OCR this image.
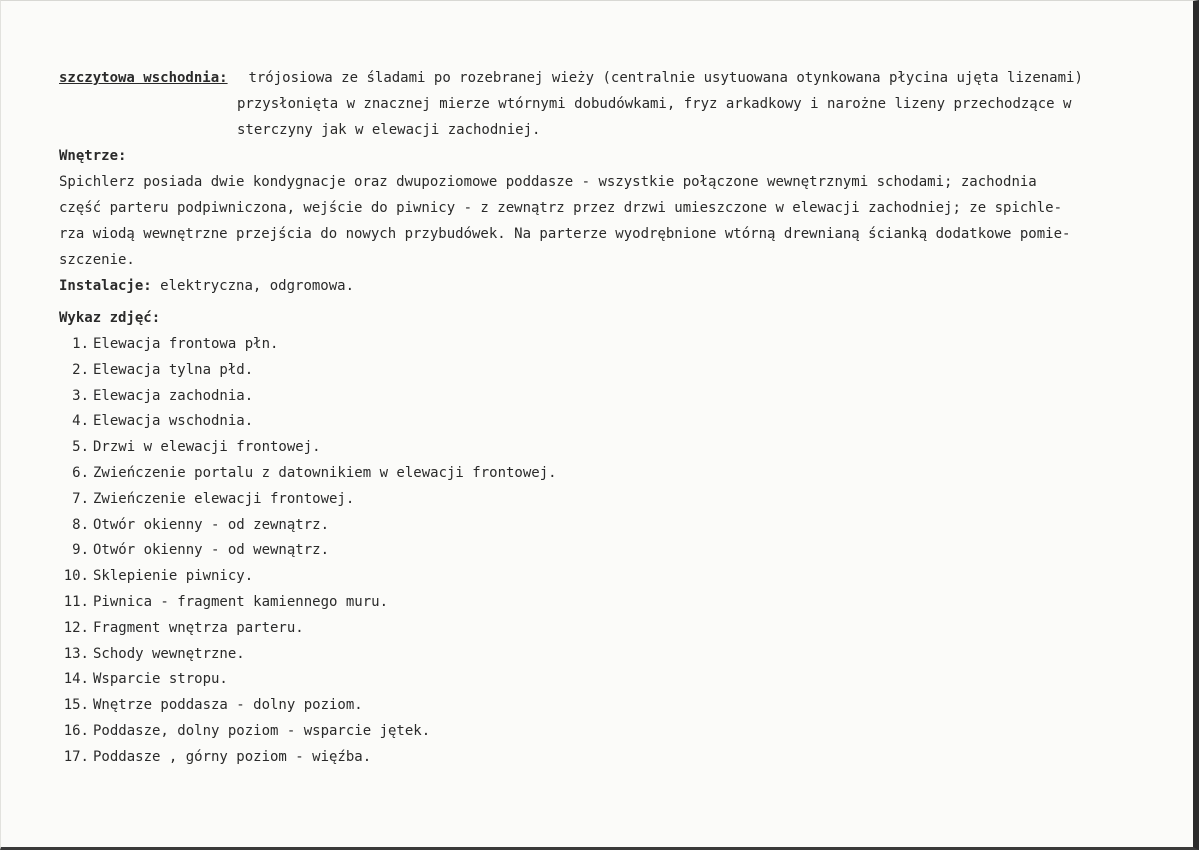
szczytowa wschodnia: trójosiowa ze śladami po rozebranej wieży (centralnie usytuowana otynkowana płycina ujęta lizenami)
przysłonięta w znacznej mierze wtórnymi dobudówkami, fryz arkadkowy i narożne lizeny przechodzące w
sterczyny jak w elewacji zachodniej.
Wnętrze:
Spichlerz posiada dwie kondygnacje oraz dwupoziomowe poddasze - wszystkie połączone wewnętrznymi schodami; zachodnia
część parteru podpiwniczona, wejście do piwnicy - z zewnątrz przez drzwi umieszczone w elewacji zachodniej; ze spichle-
rza wiodą wewnętrzne przejścia do nowych przybudówek. Na parterze wyodrębnione wtórną drewnianą ścianką dodatkowe pomie-
szczenie.
Instalacje: elektryczna, odgromowa.
Wykaz zdjęć:
1. Elewacja frontowa płn.
2. Elewacja tylna płd.
3. Elewacja zachodnia.
4. Elewacja wschodnia.
5. Drzwi w elewacji frontowej.
6. Zwieńczenie portalu z datownikiem w elewacji frontowej.
7. Zwieńczenie elewacji frontowej.
8. Otwór okienny - od zewnątrz.
9. Otwór okienny - od wewnątrz.
10. Sklepienie piwnicy.
11. Piwnica - fragment kamiennego muru.
12. Fragment wnętrza parteru.
13. Schody wewnętrzne.
14. Wsparcie stropu.
15. Wnętrze poddasza - dolny poziom.
16. Poddasze, dolny poziom - wsparcie jętek.
17. Poddasze , górny poziom - więźba.
